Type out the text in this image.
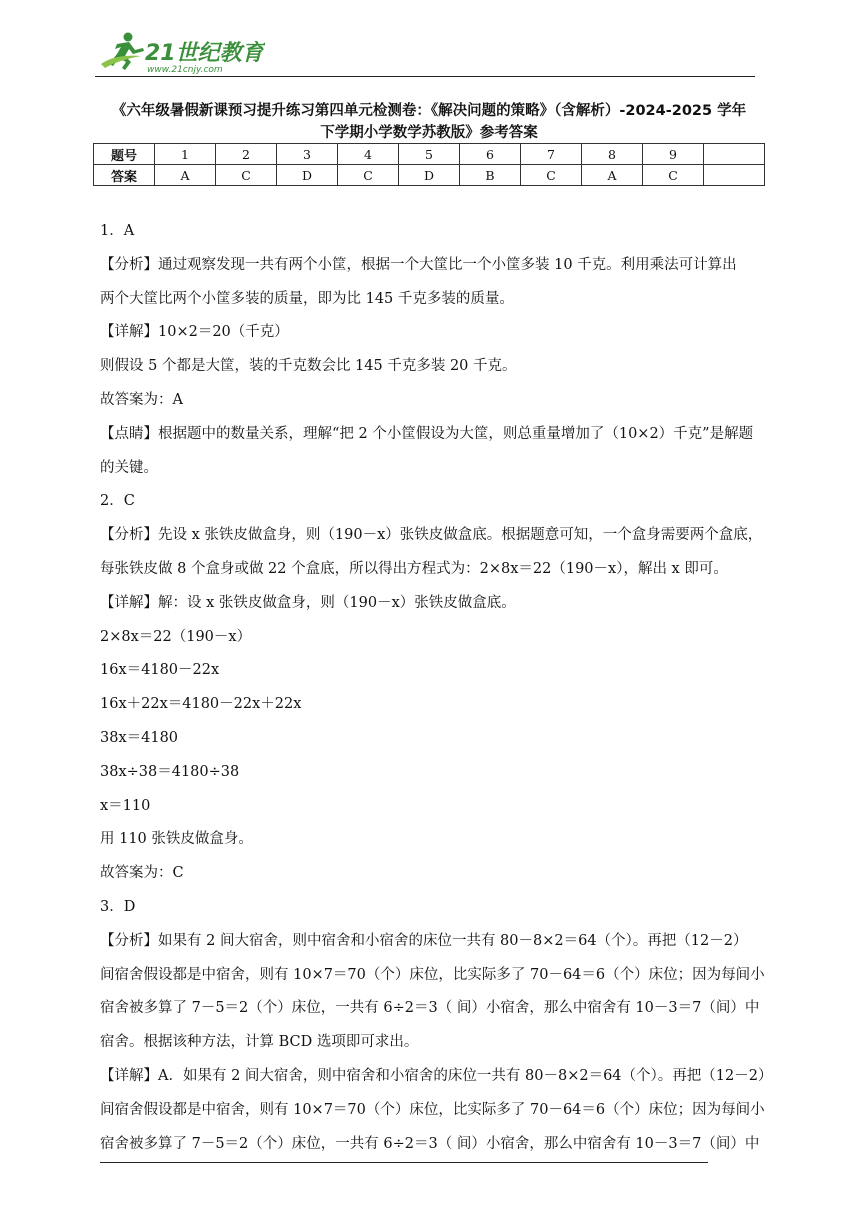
21世纪教育
www.21cnjy.com
《六年级暑假新课预习提升练习第四单元检测卷：《解决问题的策略》（含解析）-2024-2025 学年
下学期小学数学苏教版》参考答案
题号	1	2	3	4	5	6	7	8	9	
答案	A	C	D	C	D	B	C	A	C	

1．A

【分析】通过观察发现一共有两个小筐，根据一个大筐比一个小筐多装 10 千克。利用乘法可计算出

两个大筐比两个小筐多装的质量，即为比 145 千克多装的质量。

【详解】10×2＝20（千克）

则假设 5 个都是大筐，装的千克数会比 145 千克多装 20 千克。

故答案为：A

【点睛】根据题中的数量关系，理解“把 2 个小筐假设为大筐，则总重量增加了（10×2）千克”是解题

的关键。

2．C

【分析】先设 x 张铁皮做盒身，则（190－x）张铁皮做盒底。根据题意可知，一个盒身需要两个盒底，

每张铁皮做 8 个盒身或做 22 个盒底，所以得出方程式为：2×8x＝22（190－x），解出 x 即可。

【详解】解：设 x 张铁皮做盒身，则（190－x）张铁皮做盒底。

2×8x＝22（190－x）

16x＝4180－22x

16x＋22x＝4180－22x＋22x

38x＝4180

38x÷38＝4180÷38

x＝110

用 110 张铁皮做盒身。

故答案为：C

3．D

【分析】如果有 2 间大宿舍，则中宿舍和小宿舍的床位一共有 80－8×2＝64（个）。再把（12－2）

间宿舍假设都是中宿舍，则有 10×7＝70（个）床位，比实际多了 70－64＝6（个）床位；因为每间小

宿舍被多算了 7－5＝2（个）床位，一共有 6÷2＝3（ 间）小宿舍，那么中宿舍有 10－3＝7（间）中

宿舍。根据该种方法，计算 BCD 选项即可求出。

【详解】A．如果有 2 间大宿舍，则中宿舍和小宿舍的床位一共有 80－8×2＝64（个）。再把（12－2）

间宿舍假设都是中宿舍，则有 10×7＝70（个）床位，比实际多了 70－64＝6（个）床位；因为每间小

宿舍被多算了 7－5＝2（个）床位，一共有 6÷2＝3（ 间）小宿舍，那么中宿舍有 10－3＝7（间）中
